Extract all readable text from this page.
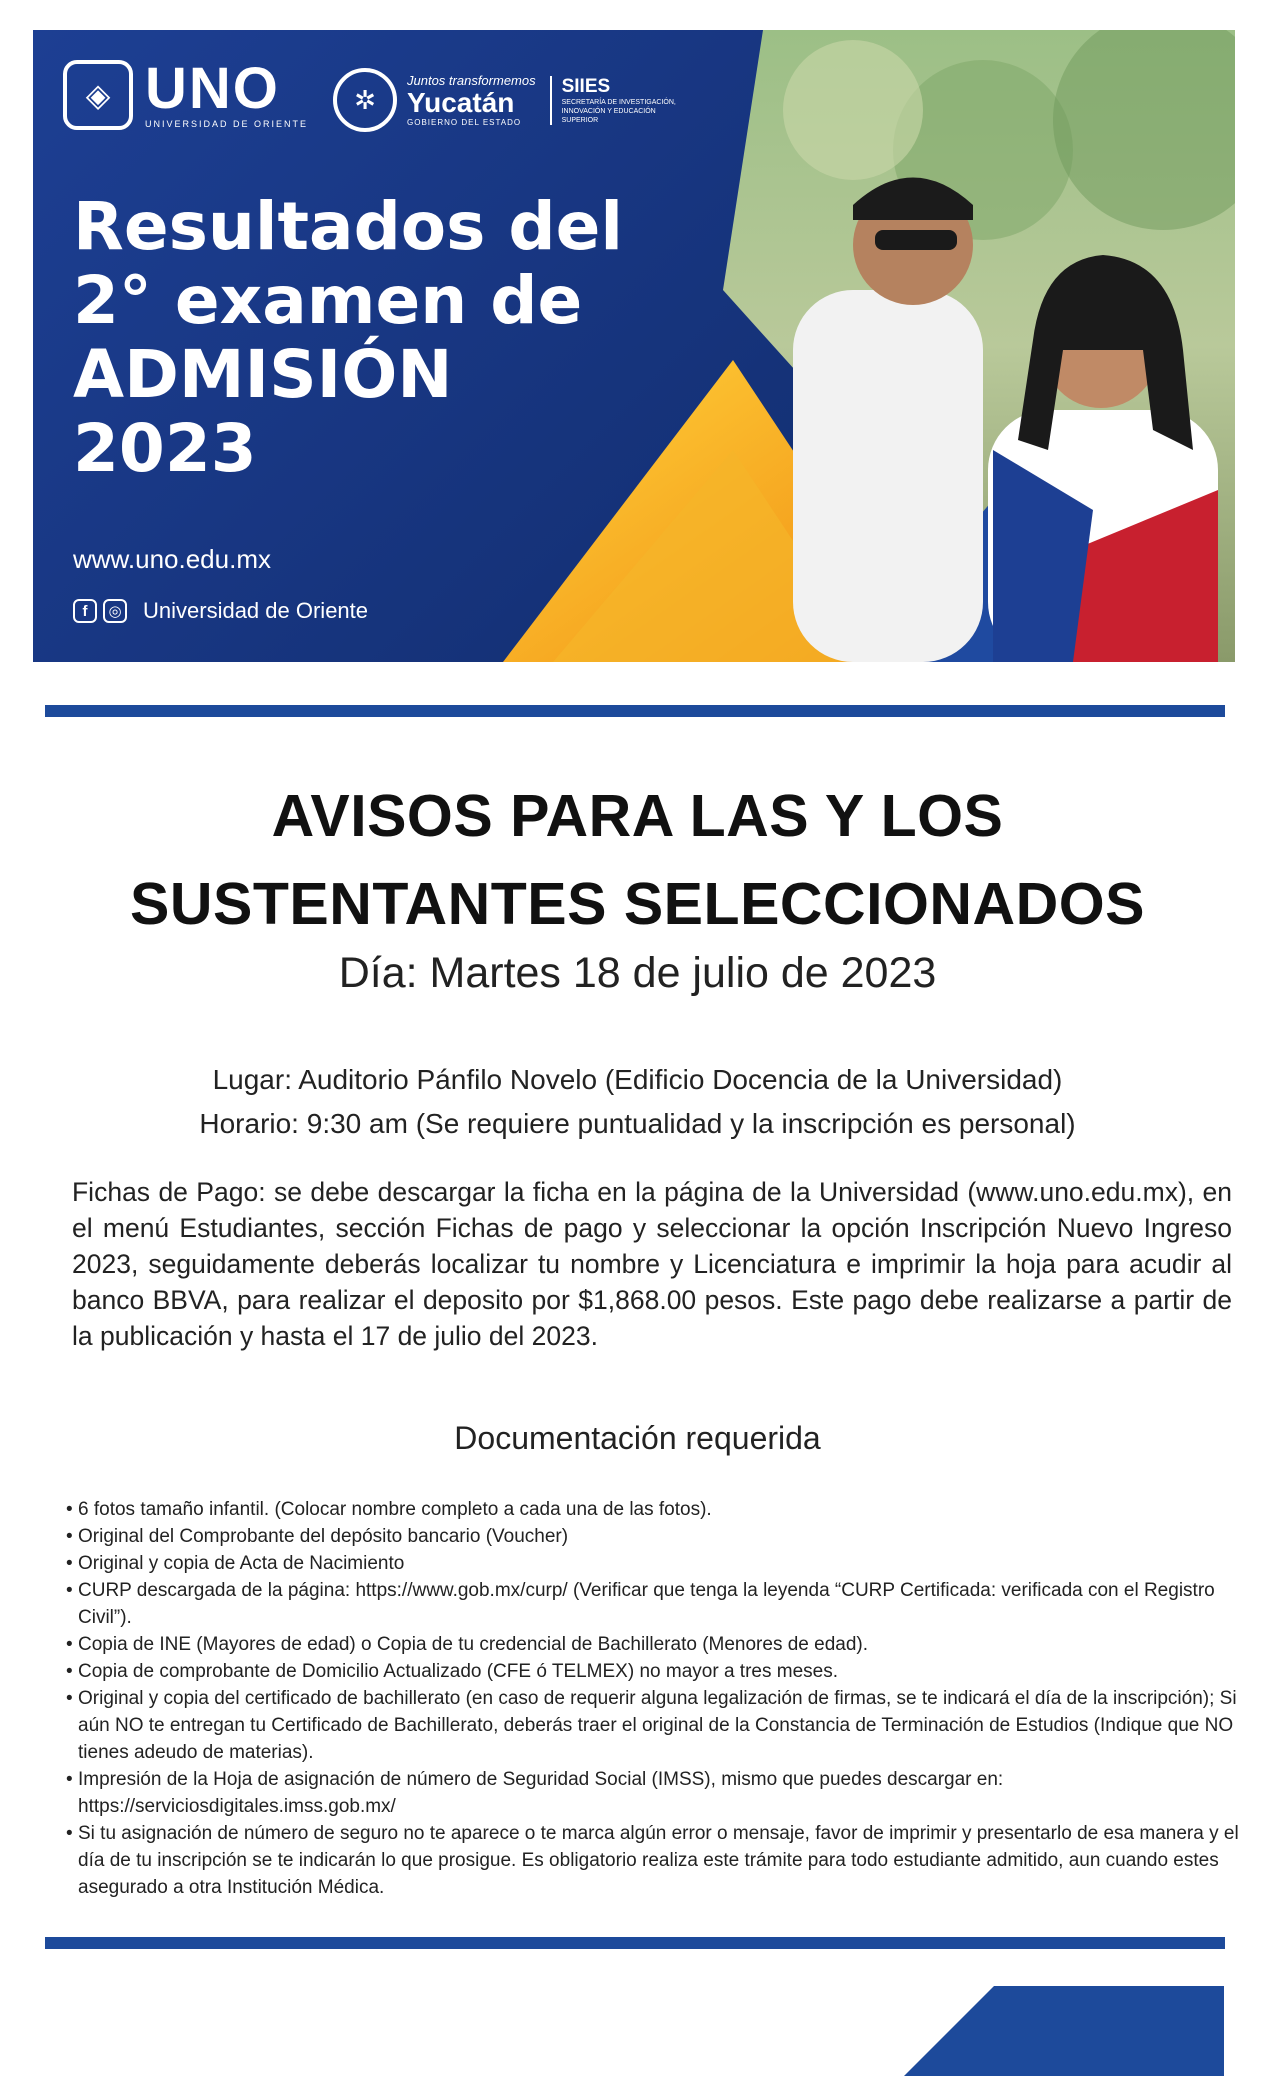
◈ UNO
UNIVERSIDAD DE ORIENTE
✲
Juntos transformemos
Yucatán
GOBIERNO DEL ESTADO
SIIES
SECRETARÍA DE INVESTIGACIÓN, INNOVACIÓN Y EDUCACIÓN SUPERIOR
Resultados del
2° examen de
ADMISIÓN
2023
www.uno.edu.mx
f	◎ Universidad de Oriente
AVISOS PARA LAS Y LOS
SUSTENTANTES SELECCIONADOS
Día: Martes 18 de julio de 2023
Lugar: Auditorio Pánfilo Novelo (Edificio Docencia de la Universidad)
Horario: 9:30 am (Se requiere puntualidad y la inscripción es personal)
Fichas de Pago: se debe descargar la ficha en la página de la Universidad (www.uno.edu.mx), en el menú Estudiantes, sección Fichas de pago y seleccionar la opción Inscripción Nuevo Ingreso 2023, seguidamente deberás localizar tu nombre y Licenciatura e imprimir la hoja para acudir al banco BBVA, para realizar el deposito por $1,868.00 pesos. Este pago debe realizarse a partir de la publicación y hasta el 17 de julio del 2023.
Documentación requerida
• 6 fotos tamaño infantil. (Colocar nombre completo a cada una de las fotos).
• Original del Comprobante del depósito bancario (Voucher)
• Original y copia de Acta de Nacimiento
• CURP descargada de la página: https://www.gob.mx/curp/ (Verificar que tenga la leyenda “CURP Certificada: verificada con el Registro Civil”).
• Copia de INE (Mayores de edad) o Copia de tu credencial de Bachillerato (Menores de edad).
• Copia de comprobante de Domicilio Actualizado (CFE ó TELMEX) no mayor a tres meses.
• Original y copia del certificado de bachillerato (en caso de requerir alguna legalización de firmas, se te indicará el día de la inscripción); Si aún NO te entregan tu Certificado de Bachillerato, deberás traer el original de la Constancia de Terminación de Estudios (Indique que NO tienes adeudo de materias).
• Impresión de la Hoja de asignación de número de Seguridad Social (IMSS), mismo que puedes descargar en: https://serviciosdigitales.imss.gob.mx/
• Si tu asignación de número de seguro no te aparece o te marca algún error o mensaje, favor de imprimir y presentarlo de esa manera y el día de tu inscripción se te indicarán lo que prosigue. Es obligatorio realiza este trámite para todo estudiante admitido, aun cuando estes asegurado a otra Institución Médica.
